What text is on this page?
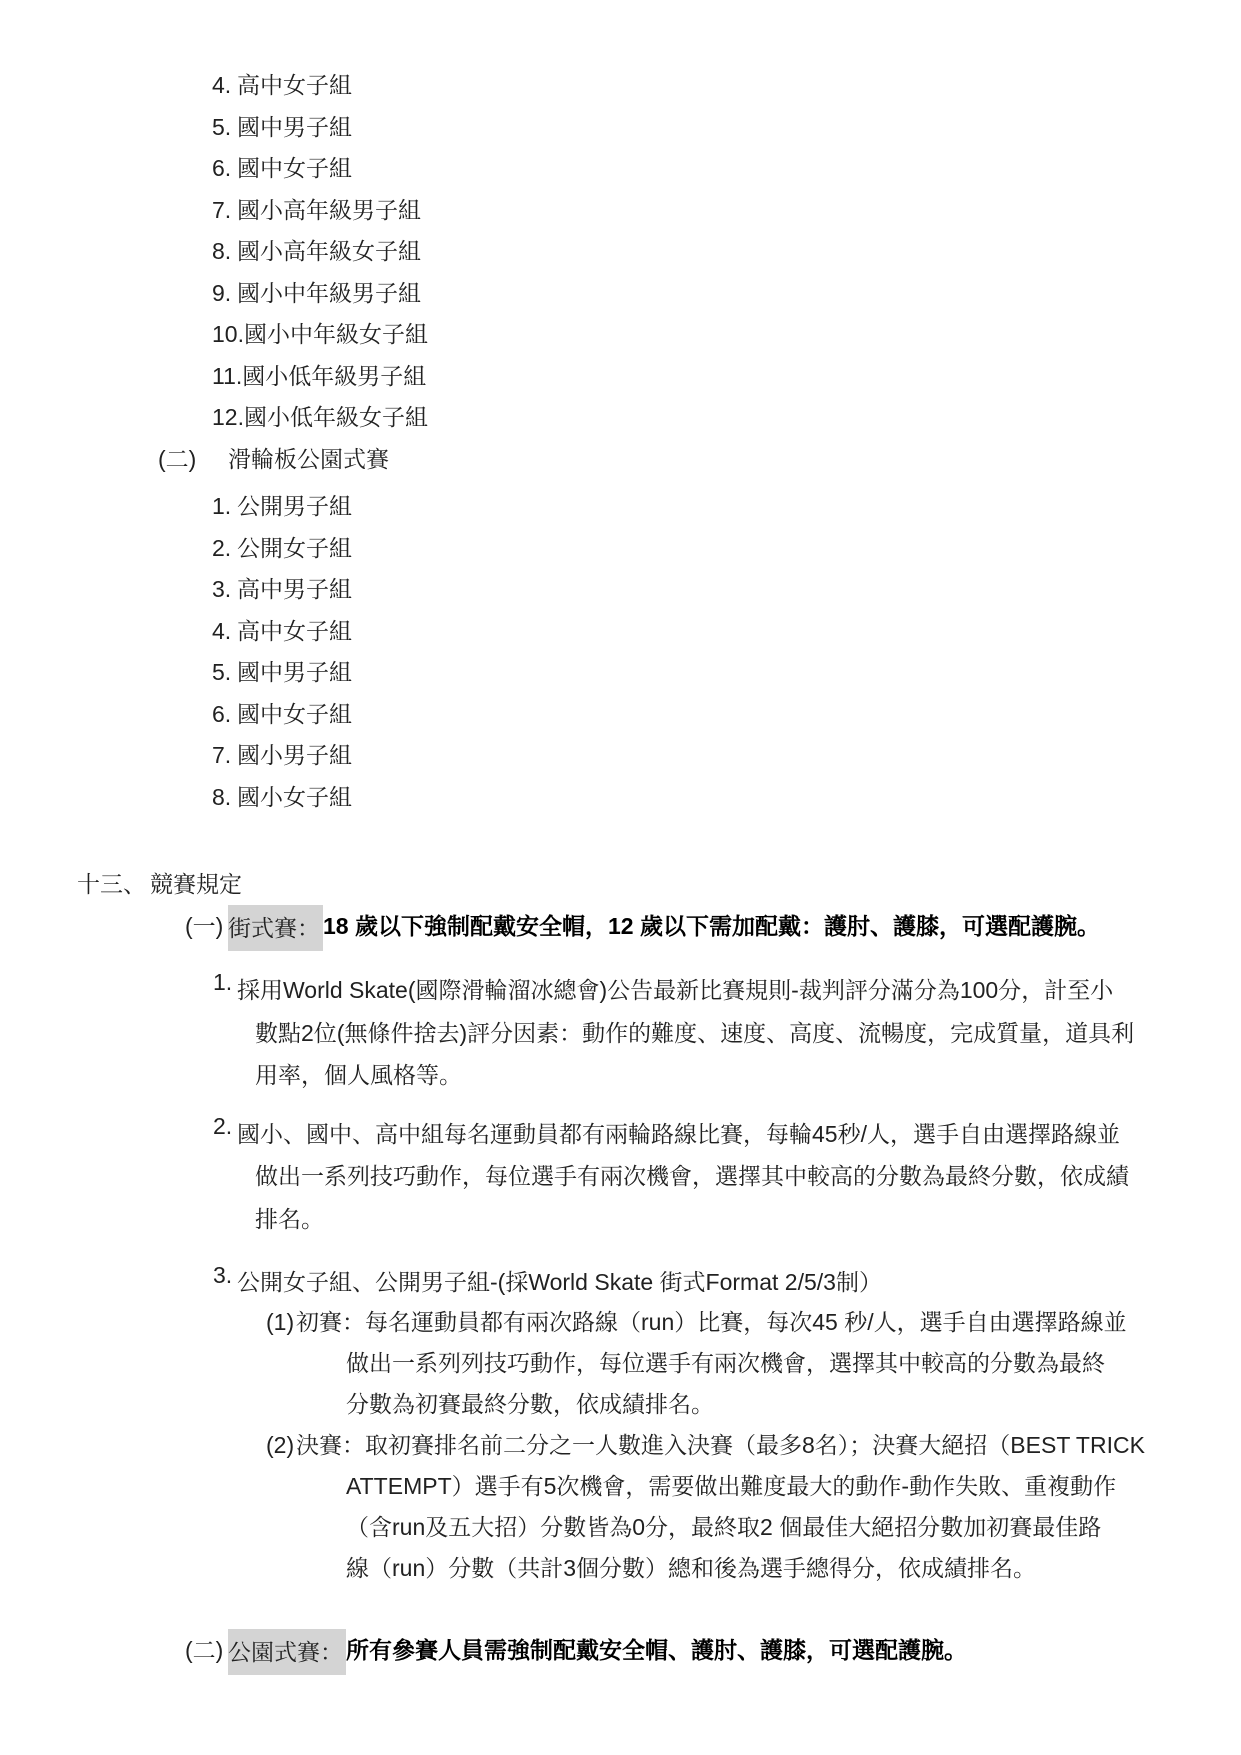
4. 高中女子組
5. 國中男子組
6. 國中女子組
7. 國小高年級男子組
8. 國小高年級女子組
9. 國小中年級男子組
10. 國小中年級女子組
11. 國小低年級男子組
12. 國小低年級女子組
(二)	滑輪板公園式賽
1. 公開男子組
2. 公開女子組
3. 高中男子組
4. 高中女子組
5. 國中男子組
6. 國中女子組
7. 國小男子組
8. 國小女子組
十三、 競賽規定
(一) 街式賽： 18 歲以下強制配戴安全帽，12 歲以下需加配戴：護肘、護膝，可選配護腕。
1. 採用World Skate(國際滑輪溜冰總會)公告最新比賽規則-裁判評分滿分為100分，計至小
數點2位(無條件捨去)評分因素：動作的難度、速度、高度、流暢度，完成質量，道具利
用率，個人風格等。
2. 國小、國中、高中組每名運動員都有兩輪路線比賽，每輪45秒/人，選手自由選擇路線並
做出一系列技巧動作，每位選手有兩次機會，選擇其中較高的分數為最終分數，依成績
排名。
3. 公開女子組、公開男子組-(採World Skate 街式Format 2/5/3制）
(1) 初賽：每名運動員都有兩次路線（run）比賽，每次45 秒/人，選手自由選擇路線並
做出一系列列技巧動作，每位選手有兩次機會，選擇其中較高的分數為最終
分數為初賽最終分數，依成績排名。
(2) 決賽：取初賽排名前二分之一人數進入決賽（最多8名）；決賽大絕招（BEST TRICK
ATTEMPT）選手有5次機會，需要做出難度最大的動作-動作失敗、重複動作
（含run及五大招）分數皆為0分，最終取2 個最佳大絕招分數加初賽最佳路
線（run）分數（共計3個分數）總和後為選手總得分，依成績排名。
(二) 公園式賽： 所有參賽人員需強制配戴安全帽、護肘、護膝，可選配護腕。
